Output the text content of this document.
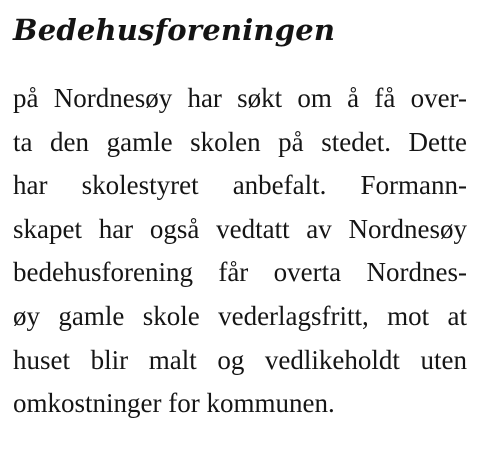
Bedehusforeningen
på Nordnesøy har søkt om å få over-
ta den gamle skolen på stedet. Dette
har skolestyret anbefalt. Formann-
skapet har også vedtatt av Nordnesøy
bedehusforening får overta Nordnes-
øy gamle skole vederlagsfritt, mot at
huset blir malt og vedlikeholdt uten
omkostninger for kommunen.
